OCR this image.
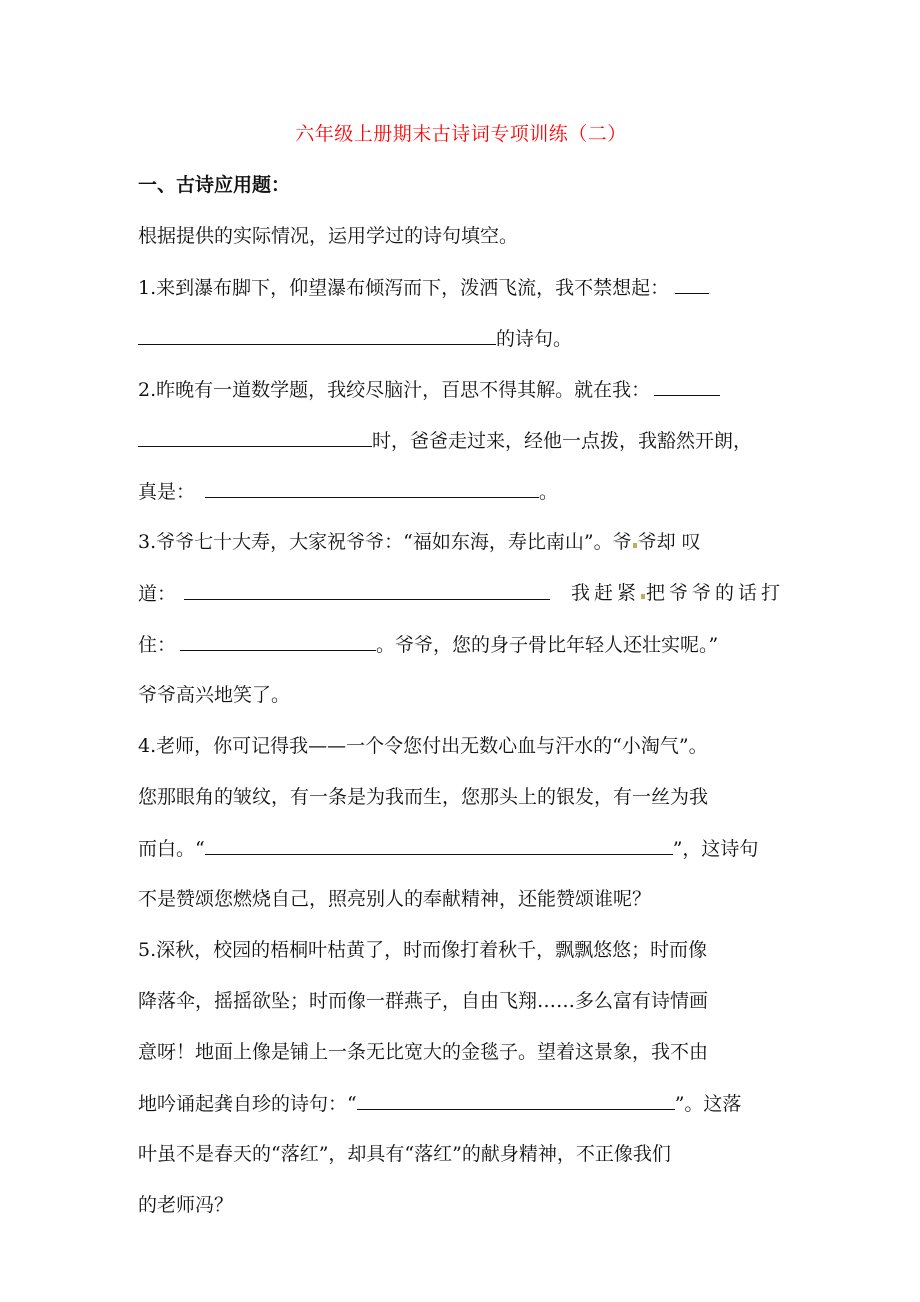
六年级上册期末古诗词专项训练（二）
一、古诗应用题：
根据提供的实际情况，运用学过的诗句填空。
1.来到瀑布脚下，仰望瀑布倾泻而下，泼洒飞流，我不禁想起：
的诗句。
2.昨晚有一道数学题，我绞尽脑汁，百思不得其解。就在我：
时，爸爸走过来，经他一点拨，我豁然开朗，
真是：	。
3.爷爷七十大寿，大家祝爷爷：“福如东海，寿比南山”。爷 爷却 叹
道：	我赶紧 把爷爷的话打
住：	。爷爷，您的身子骨比年轻人还壮实呢。”
爷爷高兴地笑了。
4.老师，你可记得我——一个令您付出无数心血与汗水的“小淘气”。
您那眼角的皱纹，有一条是为我而生，您那头上的银发，有一丝为我
而白。“	”，这诗句
不是赞颂您燃烧自己，照亮别人的奉献精神，还能赞颂谁呢？
5.深秋，校园的梧桐叶枯黄了，时而像打着秋千，飘飘悠悠；时而像
降落伞，摇摇欲坠；时而像一群燕子，自由飞翔……多么富有诗情画
意呀！地面上像是铺上一条无比宽大的金毯子。望着这景象，我不由
地吟诵起龚自珍的诗句：“	”。这落
叶虽不是春天的“落红”，却具有“落红”的献身精神，不正像我们
的老师冯？
